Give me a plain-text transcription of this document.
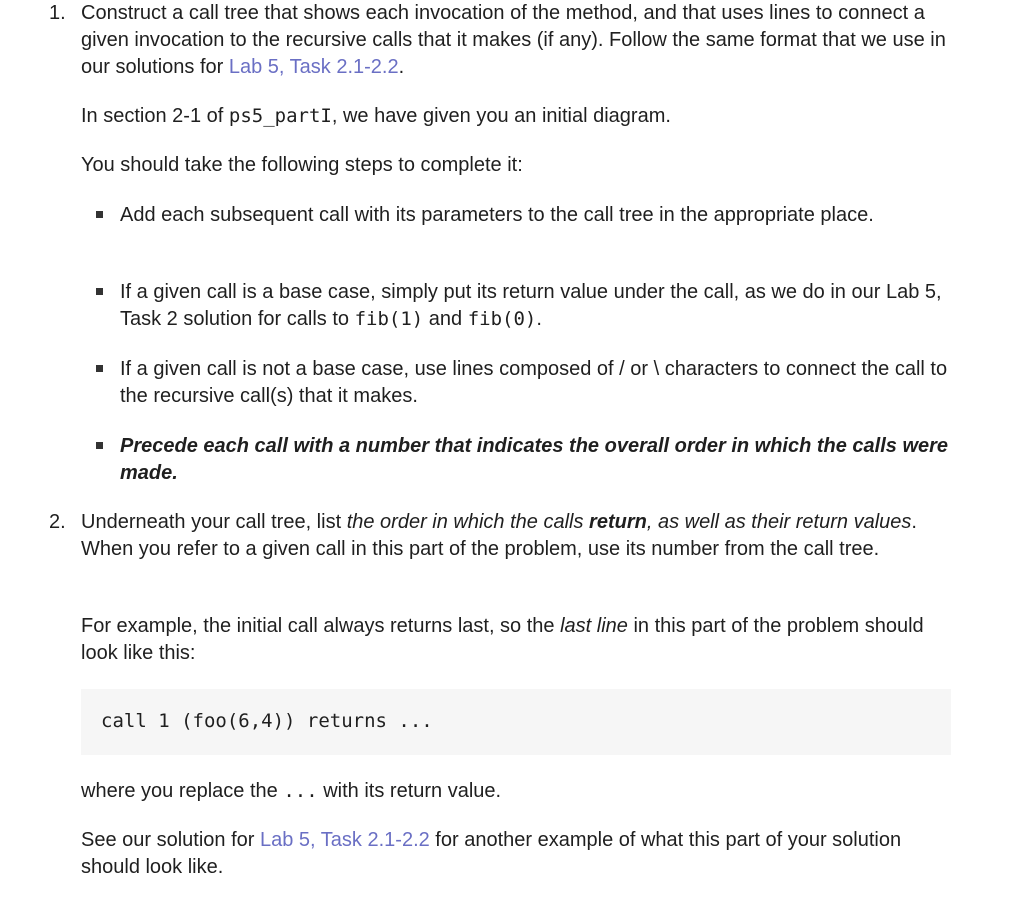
1. Construct a call tree that shows each invocation of the method, and that uses lines to connect a given invocation to the recursive calls that it makes (if any). Follow the same format that we use in our solutions for Lab 5, Task 2.1-2.2.
In section 2-1 of ps5_partI, we have given you an initial diagram.
You should take the following steps to complete it:
Add each subsequent call with its parameters to the call tree in the appropriate place.
If a given call is a base case, simply put its return value under the call, as we do in our Lab 5, Task 2 solution for calls to fib(1) and fib(0).
If a given call is not a base case, use lines composed of / or \ characters to connect the call to the recursive call(s) that it makes.
Precede each call with a number that indicates the overall order in which the calls were made.
2. Underneath your call tree, list the order in which the calls return, as well as their return values. When you refer to a given call in this part of the problem, use its number from the call tree.
For example, the initial call always returns last, so the last line in this part of the problem should look like this:
call 1 (foo(6,4)) returns ...
where you replace the ... with its return value.
See our solution for Lab 5, Task 2.1-2.2 for another example of what this part of your solution should look like.
